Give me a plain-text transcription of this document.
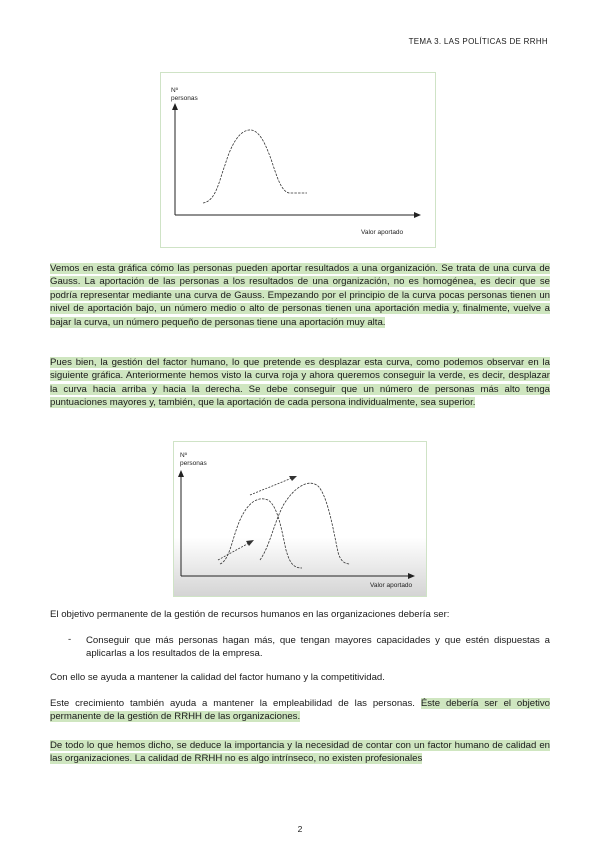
TEMA 3. LAS POLÍTICAS DE RRHH
Nº
personas
Valor aportado

Vemos en esta gráfica cómo las personas pueden aportar resultados a una organización. Se trata de una curva de Gauss. La aportación de las personas a los resultados de una organización, no es homogénea, es decir que se podría representar mediante una curva de Gauss. Empezando por el principio de la curva pocas personas tienen un nivel de aportación bajo, un número medio o alto de personas tienen una aportación media y, finalmente, vuelve a bajar la curva, un número pequeño de personas tiene una aportación muy alta.

Pues bien, la gestión del factor humano, lo que pretende es desplazar esta curva, como podemos observar en la siguiente gráfica. Anteriormente hemos visto la curva roja y ahora queremos conseguir la verde, es decir, desplazar la curva hacia arriba y hacia la derecha. Se debe conseguir que un número de personas más alto tenga puntuaciones mayores y, también, que la aportación de cada persona individualmente, sea superior.

Nº
personas
Valor aportado

El objetivo permanente de la gestión de recursos humanos en las organizaciones debería ser:

- Conseguir que más personas hagan más, que tengan mayores capacidades y que estén dispuestas a aplicarlas a los resultados de la empresa.

Con ello se ayuda a mantener la calidad del factor humano y la competitividad.

Este crecimiento también ayuda a mantener la empleabilidad de las personas. Éste debería ser el objetivo permanente de la gestión de RRHH de las organizaciones.

De todo lo que hemos dicho, se deduce la importancia y la necesidad de contar con un factor humano de calidad en las organizaciones. La calidad de RRHH no es algo intrínseco, no existen profesionales

2
